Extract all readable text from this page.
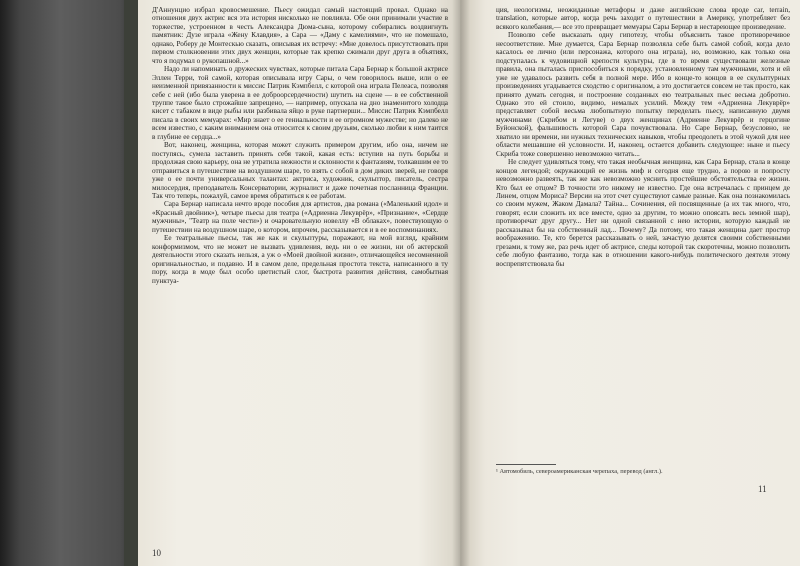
Д'Аннунцио избрал кровосмешение. Пьесу ожидал самый настоящий провал. Однако на отношения двух актрис вся эта история нисколько не повлияла. Обе они принимали участие в торжестве, устроенном в честь Александра Дюма-сына, которому собирались воздвигнуть памятник: Дузе играла «Жену Клавдия», а Сара — «Даму с камелиями», что не помешало, однако, Роберу де Монтескью сказать, описывая их встречу: «Мне довелось присутствовать при первом столкновении этих двух женщин, которые так крепко сжимали друг друга в объятиях, что я подумал о рукопашной...»

Надо ли напоминать о дружеских чувствах, которые питала Сара Бернар к большой актрисе Эллен Терри, той самой, которая описывала игру Сары, о чем говорилось выше, или о ее неизменной привязанности к миссис Патрик Кэмпбелл, с которой она играла Пелеаса, позволяя себе с ней (ибо была уверена в ее доброорсердечности) шутить на сцене — в ее собственной труппе такое было строжайше запрещено, — например, опускала на дно знаменитого холодца кисет с табаком в виде рыбы или разбивала яйцо в руке партнерши... Миссис Патрик Кэмпбелл писала в своих мемуарах: «Мир знает о ее гениальности и ее огромном мужестве; но далеко не всем известно, с каким вниманием она относится к своим друзьям, сколько любви к ним таится в глубине ее сердца...»

Вот, наконец, женщина, которая может служить примером другим, ибо она, ничем не поступясь, сумела заставить принять себя такой, какая есть: вступив на путь борьбы и продолжая свою карьеру, она не утратила нежности и склонности к фантазиям, толкавшим ее то отправиться в путешествие на воздушном шаре, то взять с собой в дом диких зверей, не говоря уже о ее почти универсальных талантах: актриса, художник, скульптор, писатель, сестра милосердия, преподаватель Консерватории, журналист и даже почетная посланница Франции. Так что теперь, пожалуй, самое время обратиться к ее работам.

Сара Бернар написала нечто вроде пособия для артистов, два романа («Маленький идол» и «Красный двойник»), четыре пьесы для театра («Адриенна Лекуврёр», «Признание», «Сердце мужчины», "Театр на поле чести») и очаровательную новеллу «В облаках», повествующую о путешествии на воздушном шаре, о котором, впрочем, рассказывается и в ее воспоминаниях.

Ее театральные пьесы, так же как и скульптуры, поражают, на мой взгляд, крайним конформизмом, что не может не вызвать удивления, ведь ни о ее жизни, ни об актерской деятельности этого сказать нельзя, а уж о «Моей двойной жизни», отличающейся несомненной оригинальностью, и подавно. И в самом деле, предельная простота текста, написанного в ту пору, когда в моде был особо цветистый слог, быстрота развития действия, самобытная пунктуа-

10

ция, неологизмы, неожиданные метафоры и даже английские слова вроде car, terrain, translation, которые автор, когда речь заходит о путешествии в Америку, употребляет без всякого колебания,— все это превращает мемуары Сары Бернар в нестареющее произведение.

Позволю себе высказать одну гипотезу, чтобы объяснить такое противоречивое несоответствие. Мне думается, Сара Бернар позволяла себе быть самой собой, когда дело касалось ее лично (или персонажа, которого она играла), но, возможно, как только она подступалась к чудовищной крепости культуры, где в то время существовали железные правила, она пыталась приспособиться к порядку, установленному там мужчинами, хотя и ей уже не удавалось развить себя в полной мере. Ибо в конце-то концов в ее скульптурных произведениях угадывается сходство с оригиналом, а это достигается совсем не так просто, как принято думать сегодня, и построение созданных ею театральных пьес весьма добротно. Однако это ей стоило, видимо, немалых усилий. Между тем «Адриенна Лекуврёр» представляет собой весьма любопытную попытку переделать пьесу, написанную двумя мужчинами (Скрибом и Легуве) о двух женщинах (Адриенне Лекуврёр и герцогине Буйонской), фальшивость которой Сара почувствовала. Но Саре Бернар, безусловно, не хватило ни времени, ни нужных технических навыков, чтобы преодолеть в этой чужой для нее области мешавшие ей условности. И, наконец, остается добавить следующее: ныне и пьесу Скриба тоже совершенно невозможно читать...

Не следует удивляться тому, что такая необычная женщина, как Сара Бернар, стала в конце концов легендой; окружающий ее жизнь миф и сегодня еще трудно, а порою и попросту невозможно развеять, так же как невозможно уяснить простейшие обстоятельства ее жизни. Кто был ее отцом? В точности это никому не известно. Где она встречалась с принцем де Линем, отцом Мориса? Версии на этот счет существуют самые разные. Как она познакомилась со своим мужем, Жаком Дамала? Тайна... Сочинения, ей посвященные (а их так много, что, говорят, если сложить их все вместе, одно за другим, то можно опоясать весь земной шар), противоречат друг другу... Нет ни одной связанной с нею истории, которую каждый не рассказывал бы на собственный лад... Почему? Да потому, что такая женщина дает простор воображению. Те, кто берется рассказывать о ней, зачастую делятся своими собственными грезами, к тому же, раз речь идет об актрисе, следы которой так скоротечны, можно позволить себе любую фантазию, тогда как в отношении какого-нибудь политического деятеля этому воспрепятствовала бы

¹ Автомобиль, североамериканская черепаха, перевод (англ.).
11
